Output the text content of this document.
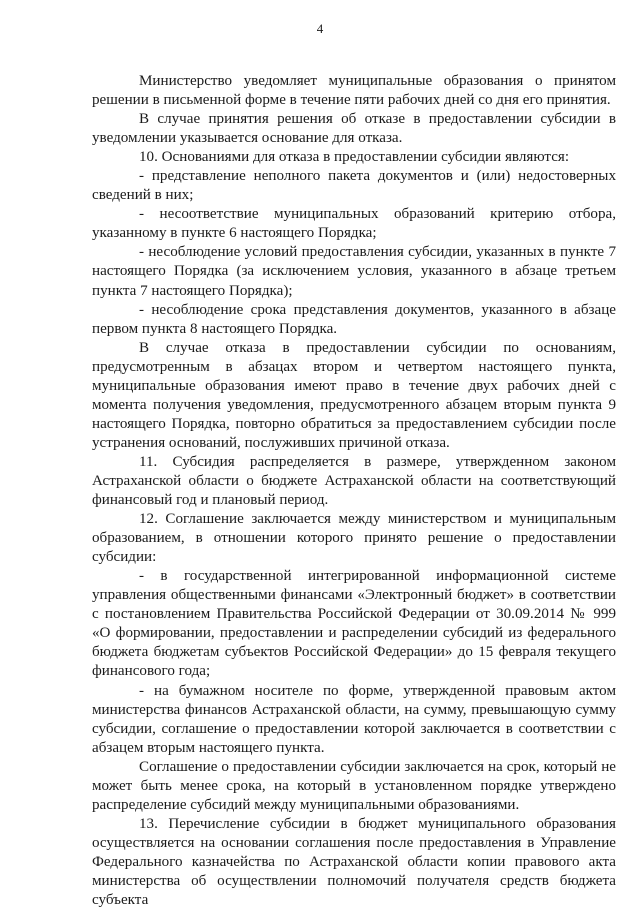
4

Министерство уведомляет муниципальные образования о принятом решении в письменной форме в течение пяти рабочих дней со дня его принятия.

В случае принятия решения об отказе в предоставлении субсидии в уведомлении указывается основание для отказа.

10. Основаниями для отказа в предоставлении субсидии являются:

- представление неполного пакета документов и (или) недостоверных сведений в них;

- несоответствие муниципальных образований критерию отбора, указанному в пункте 6 настоящего Порядка;

- несоблюдение условий предоставления субсидии, указанных в пункте 7 настоящего Порядка (за исключением условия, указанного в абзаце третьем пункта 7 настоящего Порядка);

- несоблюдение срока представления документов, указанного в абзаце первом пункта 8 настоящего Порядка.

В случае отказа в предоставлении субсидии по основаниям, предусмотренным в абзацах втором и четвертом настоящего пункта, муниципальные образования имеют право в течение двух рабочих дней с момента получения уведомления, предусмотренного абзацем вторым пункта 9 настоящего Порядка, повторно обратиться за предоставлением субсидии после устранения оснований, послуживших причиной отказа.

11. Субсидия распределяется в размере, утвержденном законом Астраханской области о бюджете Астраханской области на соответствующий финансовый год и плановый период.

12. Соглашение заключается между министерством и муниципальным образованием, в отношении которого принято решение о предоставлении субсидии:

- в государственной интегрированной информационной системе управления общественными финансами «Электронный бюджет» в соответствии с постановлением Правительства Российской Федерации от 30.09.2014 № 999 «О формировании, предоставлении и распределении субсидий из федерального бюджета бюджетам субъектов Российской Федерации» до 15 февраля текущего финансового года;

- на бумажном носителе по форме, утвержденной правовым актом министерства финансов Астраханской области, на сумму, превышающую сумму субсидии, соглашение о предоставлении которой заключается в соответствии с абзацем вторым настоящего пункта.

Соглашение о предоставлении субсидии заключается на срок, который не может быть менее срока, на который в установленном порядке утверждено распределение субсидий между муниципальными образованиями.

13. Перечисление субсидии в бюджет муниципального образования осуществляется на основании соглашения после предоставления в Управление Федерального казначейства по Астраханской области копии правового акта министерства об осуществлении полномочий получателя средств бюджета субъекта
